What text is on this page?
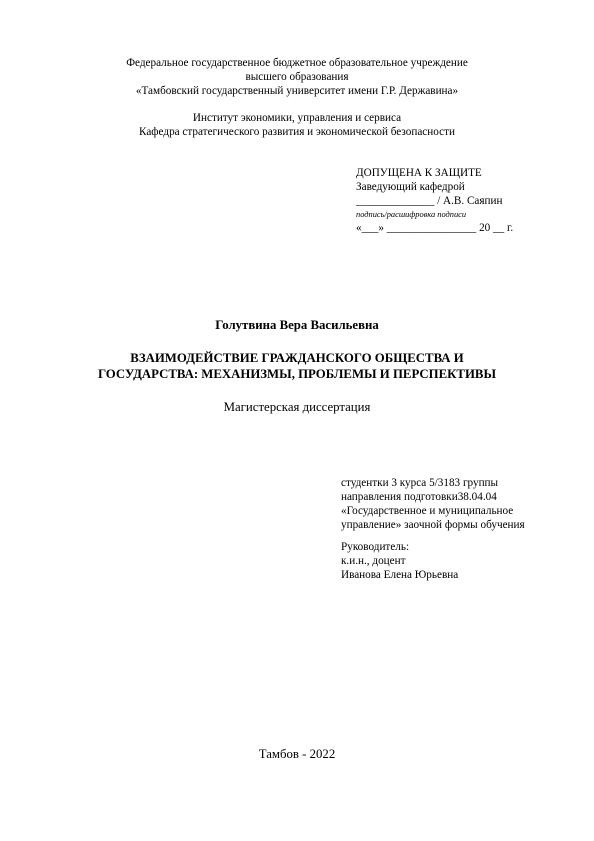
Федеральное государственное бюджетное образовательное учреждение
высшего образования
«Тамбовский государственный университет имени Г.Р. Державина»
Институт экономики, управления и сервиса
Кафедра стратегического развития и экономической безопасности
ДОПУЩЕНА К ЗАЩИТЕ
Заведующий кафедрой
______________ / А.В. Саяпин
подпись/расшифровка подписи
«___» ________________ 20 __ г.
Голутвина Вера Васильевна
ВЗАИМОДЕЙСТВИЕ ГРАЖДАНСКОГО ОБЩЕСТВА И
ГОСУДАРСТВА: МЕХАНИЗМЫ, ПРОБЛЕМЫ И ПЕРСПЕКТИВЫ
Магистерская диссертация
студентки 3 курса 5/3183 группы
направления подготовки38.04.04
«Государственное и муниципальное
управление» заочной формы обучения
Руководитель:
к.и.н., доцент
Иванова Елена Юрьевна
Тамбов - 2022
